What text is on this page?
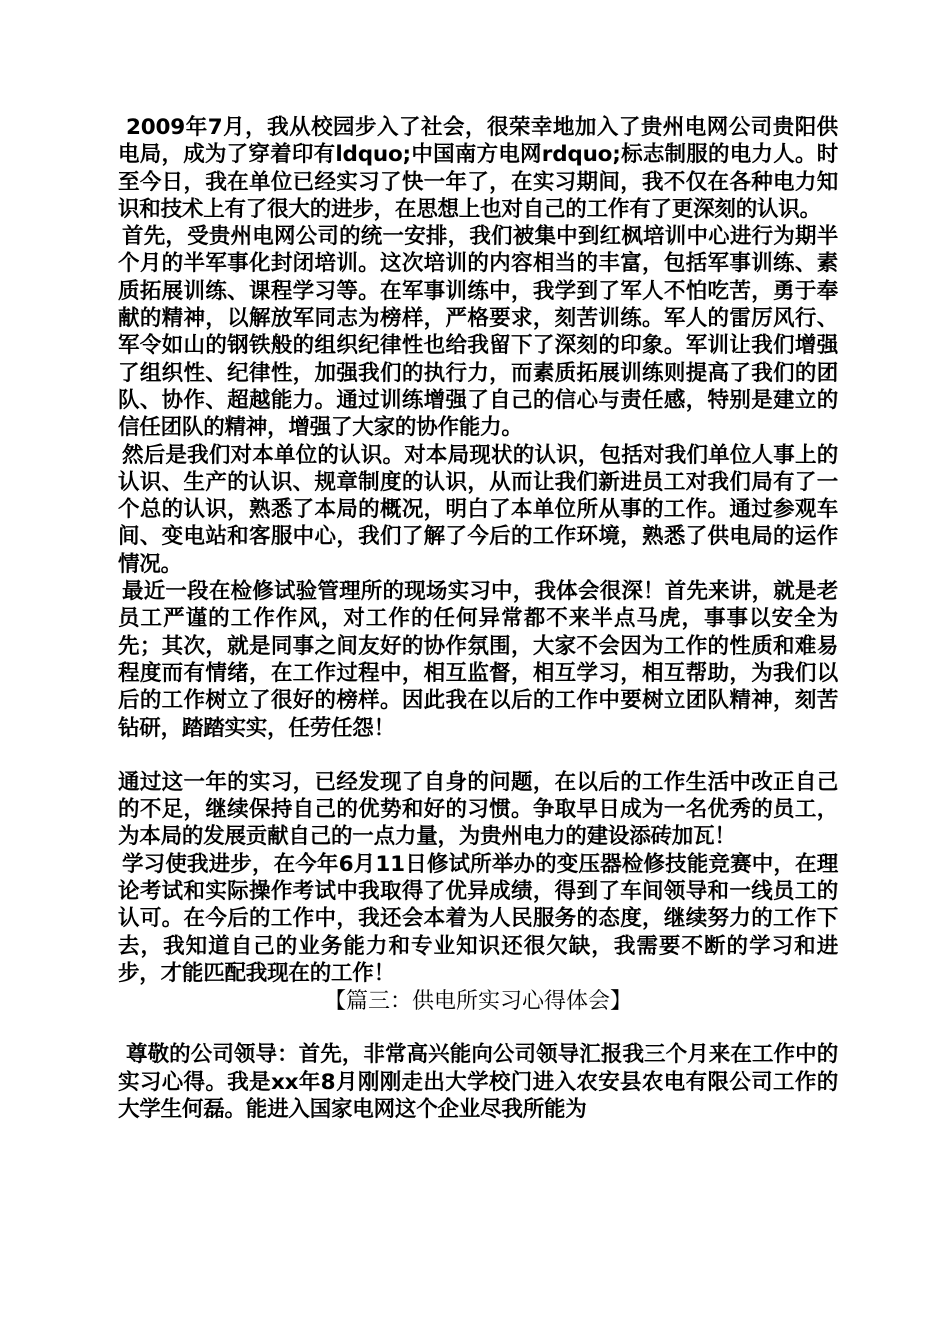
2009年7月，我从校园步入了社会，很荣幸地加入了贵州电网公司贵阳供电局，成为了穿着印有ldquo;中国南方电网rdquo;标志制服的电力人。时至今日，我在单位已经实习了快一年了，在实习期间，我不仅在各种电力知识和技术上有了很大的进步，在思想上也对自己的工作有了更深刻的认识。

首先，受贵州电网公司的统一安排，我们被集中到红枫培训中心进行为期半个月的半军事化封闭培训。这次培训的内容相当的丰富，包括军事训练、素质拓展训练、课程学习等。在军事训练中，我学到了军人不怕吃苦，勇于奉献的精神，以解放军同志为榜样，严格要求，刻苦训练。军人的雷厉风行、军令如山的钢铁般的组织纪律性也给我留下了深刻的印象。军训让我们增强了组织性、纪律性，加强我们的执行力，而素质拓展训练则提高了我们的团队、协作、超越能力。通过训练增强了自己的信心与责任感，特别是建立的信任团队的精神，增强了大家的协作能力。

然后是我们对本单位的认识。对本局现状的认识，包括对我们单位人事上的认识、生产的认识、规章制度的认识，从而让我们新进员工对我们局有了一个总的认识，熟悉了本局的概况，明白了本单位所从事的工作。通过参观车间、变电站和客服中心，我们了解了今后的工作环境，熟悉了供电局的运作情况。

最近一段在检修试验管理所的现场实习中，我体会很深！首先来讲，就是老员工严谨的工作作风，对工作的任何异常都不来半点马虎，事事以安全为先；其次，就是同事之间友好的协作氛围，大家不会因为工作的性质和难易程度而有情绪，在工作过程中，相互监督，相互学习，相互帮助，为我们以后的工作树立了很好的榜样。因此我在以后的工作中要树立团队精神，刻苦钻研，踏踏实实，任劳任怨！

通过这一年的实习，已经发现了自身的问题，在以后的工作生活中改正自己的不足，继续保持自己的优势和好的习惯。争取早日成为一名优秀的员工，为本局的发展贡献自己的一点力量，为贵州电力的建设添砖加瓦！

学习使我进步，在今年6月11日修试所举办的变压器检修技能竞赛中，在理论考试和实际操作考试中我取得了优异成绩，得到了车间领导和一线员工的认可。在今后的工作中，我还会本着为人民服务的态度，继续努力的工作下去，我知道自己的业务能力和专业知识还很欠缺，我需要不断的学习和进步，才能匹配我现在的工作！

【篇三：供电所实习心得体会】

尊敬的公司领导：首先，非常高兴能向公司领导汇报我三个月来在工作中的实习心得。我是xx年8月刚刚走出大学校门进入农安县农电有限公司工作的大学生何磊。能进入国家电网这个企业尽我所能为
